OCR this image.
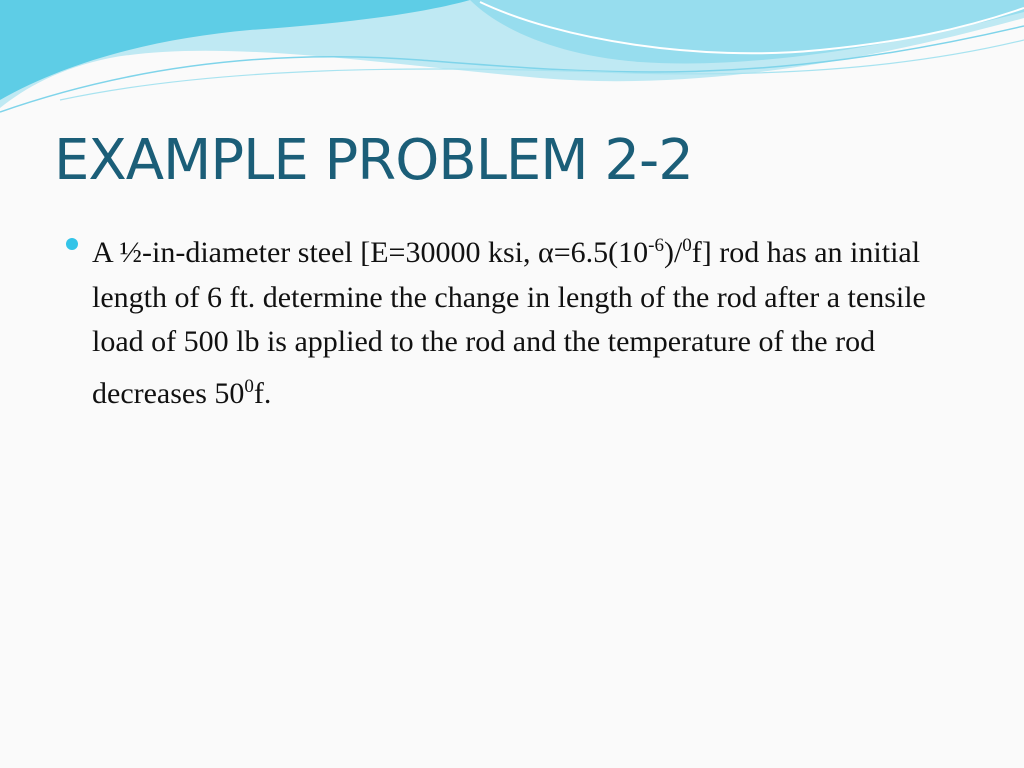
EXAMPLE PROBLEM 2-2
A ½-in-diameter steel [E=30000 ksi, $\alpha=6.5(10^{-6})/^0f$] rod has an initial length of 6 ft. determine the change in length of the rod after a tensile load of 500 lb is applied to the rod and the temperature of the rod decreases $50^0f$.
